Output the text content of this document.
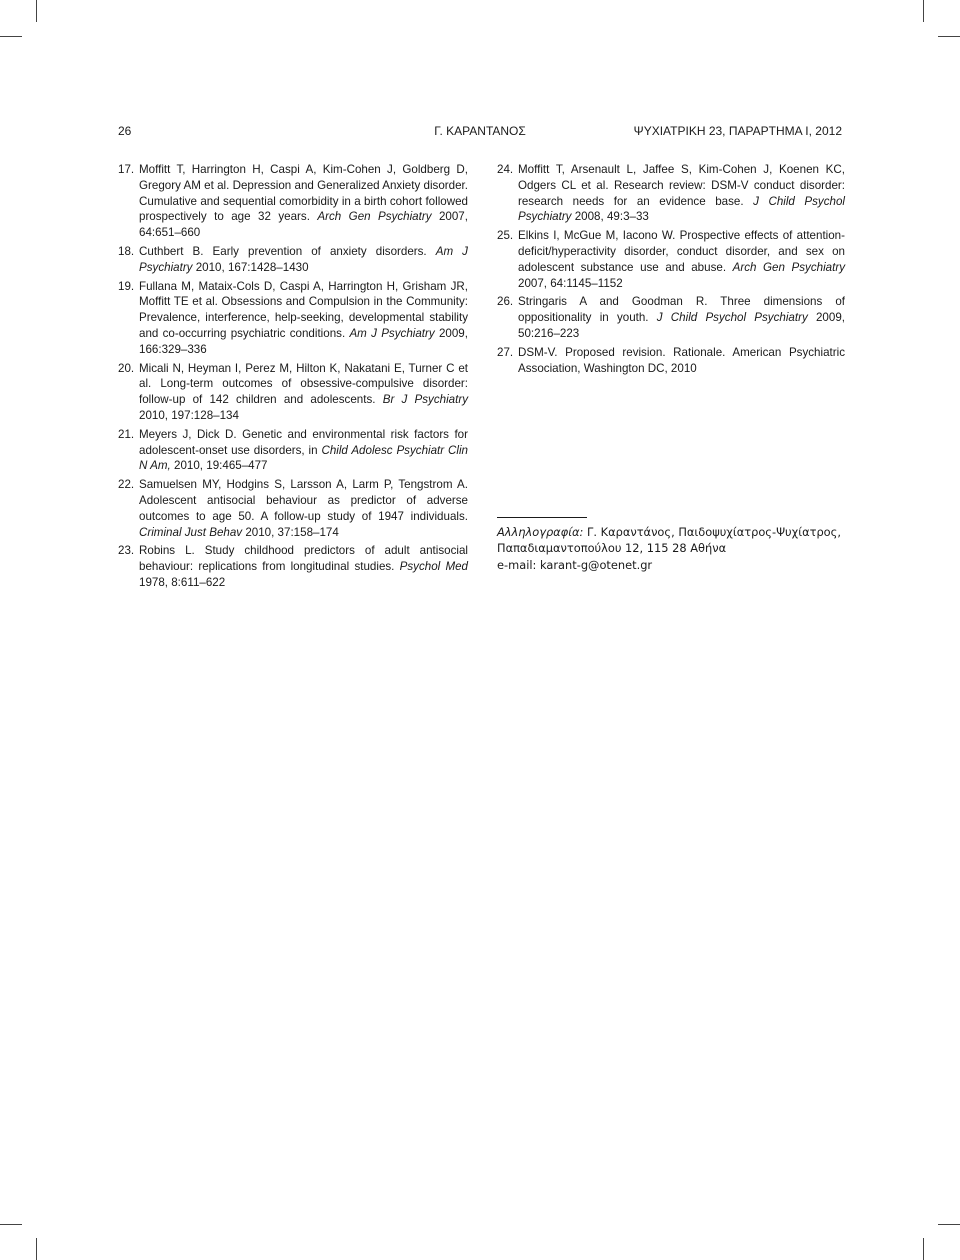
26	Γ. ΚΑΡΑΝΤΑΝΟΣ	ΨΥΧΙΑΤΡΙΚΗ 23, ΠΑΡΑΡΤΗΜΑ Ι, 2012
17. Moffitt T, Harrington H, Caspi A, Kim-Cohen J, Goldberg D, Gregory AM et al. Depression and Generalized Anxiety disorder. Cumulative and sequential comorbidity in a birth cohort followed prospectively to age 32 years. Arch Gen Psychiatry 2007, 64:651–660
18. Cuthbert B. Early prevention of anxiety disorders. Am J Psychiatry 2010, 167:1428–1430
19. Fullana M, Mataix-Cols D, Caspi A, Harrington H, Grisham JR, Moffitt TE et al. Obsessions and Compulsion in the Community: Prevalence, interference, help-seeking, developmental stability and co-occurring psychiatric conditions. Am J Psychiatry 2009, 166:329–336
20. Micali N, Heyman I, Perez M, Hilton K, Nakatani E, Turner C et al. Long-term outcomes of obsessive-compulsive disorder: follow-up of 142 children and adolescents. Br J Psychiatry 2010, 197:128–134
21. Meyers J, Dick D. Genetic and environmental risk factors for adolescent-onset use disorders, in Child Adolesc Psychiatr Clin N Am, 2010, 19:465–477
22. Samuelsen MY, Hodgins S, Larsson A, Larm P, Tengstrom A. Adolescent antisocial behaviour as predictor of adverse outcomes to age 50. A follow-up study of 1947 individuals. Criminal Just Behav 2010, 37:158–174
23. Robins L. Study childhood predictors of adult antisocial behaviour: replications from longitudinal studies. Psychol Med 1978, 8:611–622
24. Moffitt T, Arsenault L, Jaffee S, Kim-Cohen J, Koenen KC, Odgers CL et al. Research review: DSM-V conduct disorder: research needs for an evidence base. J Child Psychol Psychiatry 2008, 49:3–33
25. Elkins I, McGue M, Iacono W. Prospective effects of attention-deficit/hyperactivity disorder, conduct disorder, and sex on adolescent substance use and abuse. Arch Gen Psychiatry 2007, 64:1145–1152
26. Stringaris A and Goodman R. Three dimensions of oppositionality in youth. J Child Psychol Psychiatry 2009, 50:216–223
27. DSM-V. Proposed revision. Rationale. American Psychiatric Association, Washington DC, 2010
Αλληλογραφία: Γ. Καραντάνος, Παιδοψυχίατρος-Ψυχίατρος, Παπαδιαμαντοπούλου 12, 115 28 Αθήνα
e-mail: karant-g@otenet.gr
